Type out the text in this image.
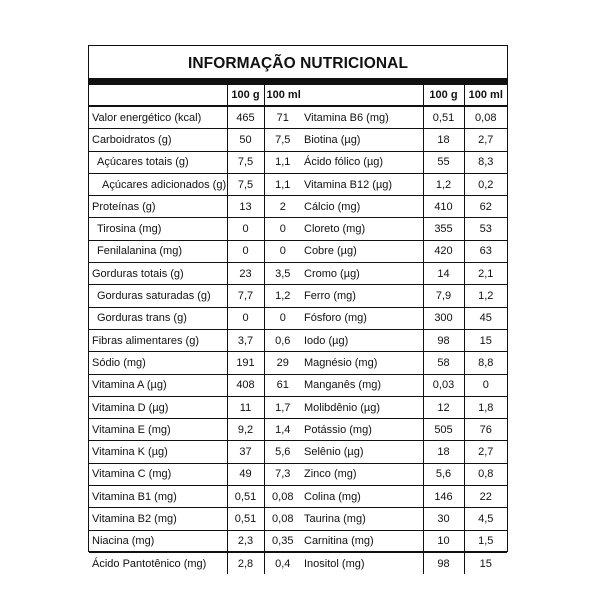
INFORMAÇÃO NUTRICIONAL
	100 g	100 ml		100 g	100 ml
Valor energético (kcal)	465	71	Vitamina B6 (mg)	0,51	0,08
Carboidratos (g)	50	7,5	Biotina (µg)	18	2,7
Açúcares totais (g)	7,5	1,1	Ácido fólico (µg)	55	8,3
Açúcares adicionados (g)	7,5	1,1	Vitamina B12 (µg)	1,2	0,2
Proteínas (g)	13	2	Cálcio (mg)	410	62
Tirosina (mg)	0	0	Cloreto (mg)	355	53
Fenilalanina (mg)	0	0	Cobre (µg)	420	63
Gorduras totais (g)	23	3,5	Cromo (µg)	14	2,1
Gorduras saturadas (g)	7,7	1,2	Ferro (mg)	7,9	1,2
Gorduras trans (g)	0	0	Fósforo (mg)	300	45
Fibras alimentares (g)	3,7	0,6	Iodo (µg)	98	15
Sódio (mg)	191	29	Magnésio (mg)	58	8,8
Vitamina A (µg)	408	61	Manganês (mg)	0,03	0
Vitamina D (µg)	11	1,7	Molibdênio (µg)	12	1,8
Vitamina E (mg)	9,2	1,4	Potássio (mg)	505	76
Vitamina K (µg)	37	5,6	Selênio (µg)	18	2,7
Vitamina C (mg)	49	7,3	Zinco (mg)	5,6	0,8
Vitamina B1 (mg)	0,51	0,08	Colina (mg)	146	22
Vitamina B2 (mg)	0,51	0,08	Taurina (mg)	30	4,5
Niacina (mg)	2,3	0,35	Carnitina (mg)	10	1,5
Ácido Pantotênico (mg)	2,8	0,4	Inositol (mg)	98	15
